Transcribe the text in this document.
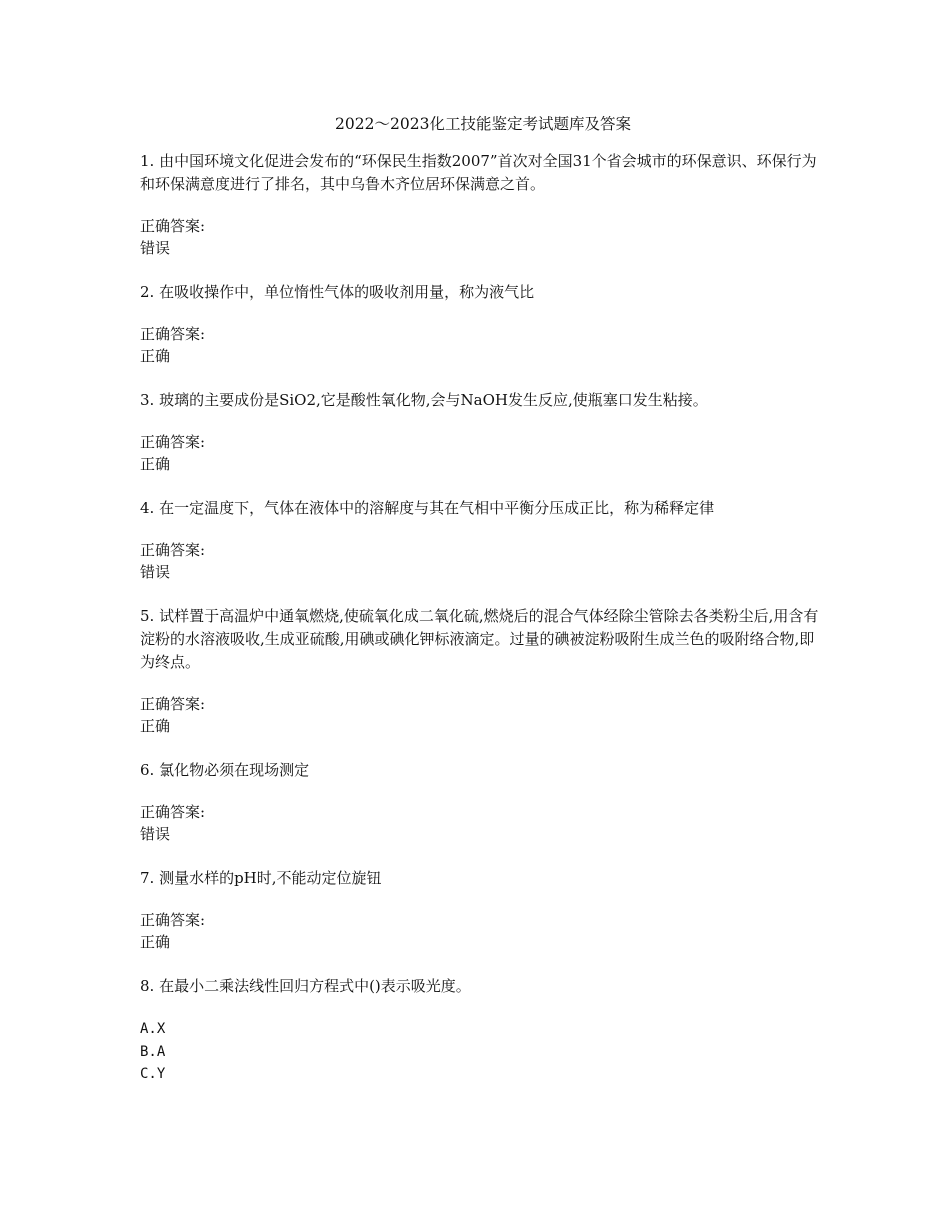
2022～2023化工技能鉴定考试题库及答案

1. 由中国环境文化促进会发布的“环保民生指数2007”首次对全国31个省会城市的环保意识、环保行为和环保满意度进行了排名，其中乌鲁木齐位居环保满意之首。

正确答案:
错误

2. 在吸收操作中，单位惰性气体的吸收剂用量，称为液气比

正确答案:
正确

3. 玻璃的主要成份是SiO2,它是酸性氧化物,会与NaOH发生反应,使瓶塞口发生粘接。

正确答案:
正确

4. 在一定温度下，气体在液体中的溶解度与其在气相中平衡分压成正比，称为稀释定律

正确答案:
错误

5. 试样置于高温炉中通氧燃烧,使硫氧化成二氧化硫,燃烧后的混合气体经除尘管除去各类粉尘后,用含有淀粉的水溶液吸收,生成亚硫酸,用碘或碘化钾标液滴定。过量的碘被淀粉吸附生成兰色的吸附络合物,即为终点。

正确答案:
正确

6. 氯化物必须在现场测定

正确答案:
错误

7. 测量水样的pH时,不能动定位旋钮

正确答案:
正确

8. 在最小二乘法线性回归方程式中()表示吸光度。

A.X
B.A
C.Y
